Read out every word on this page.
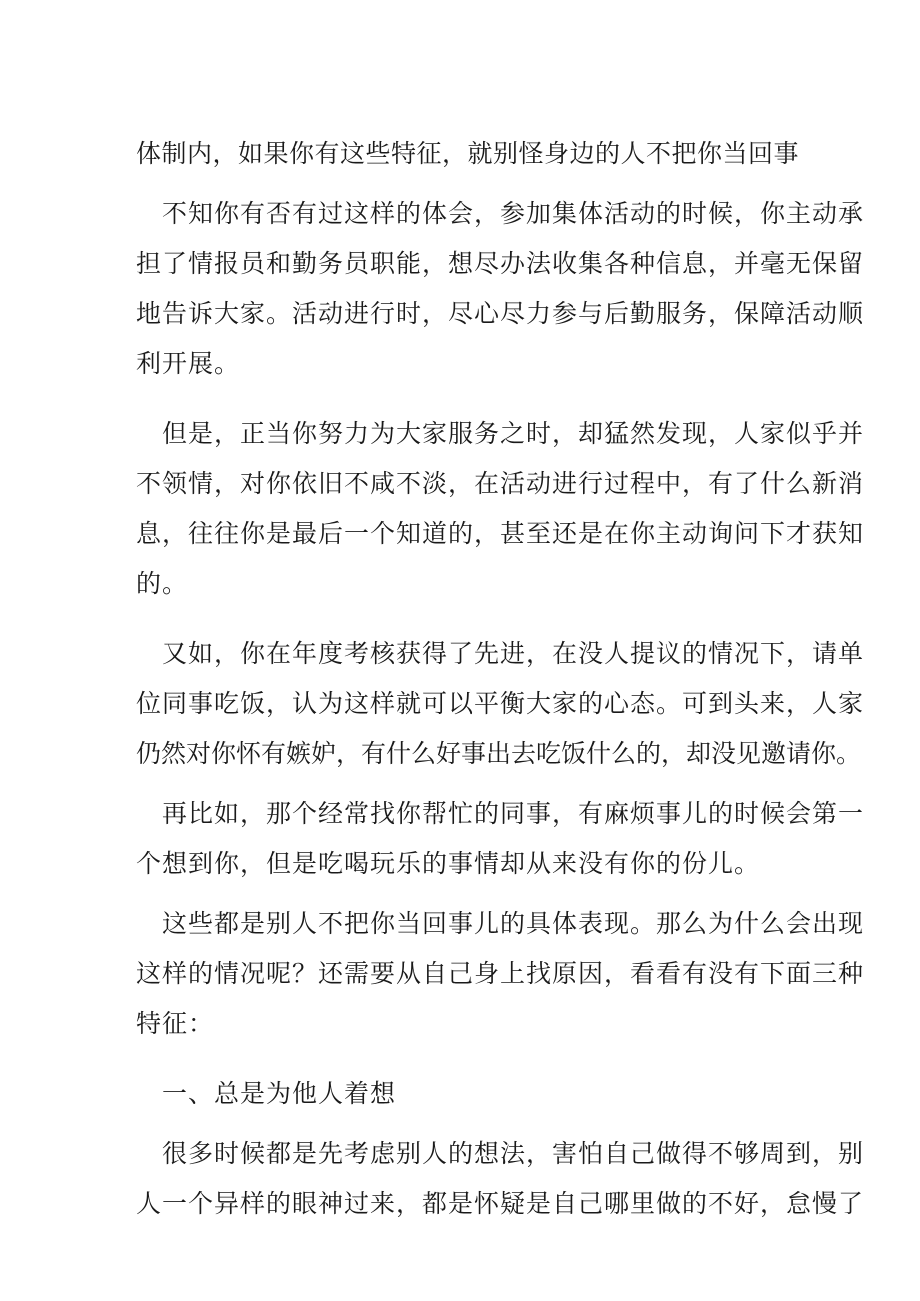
体制内，如果你有这些特征，就别怪身边的人不把你当回事
　不知你有否有过这样的体会，参加集体活动的时候，你主动承
担了情报员和勤务员职能，想尽办法收集各种信息，并毫无保留
地告诉大家。活动进行时，尽心尽力参与后勤服务，保障活动顺
利开展。
　但是，正当你努力为大家服务之时，却猛然发现，人家似乎并
不领情，对你依旧不咸不淡，在活动进行过程中，有了什么新消
息，往往你是最后一个知道的，甚至还是在你主动询问下才获知
的。
　又如，你在年度考核获得了先进，在没人提议的情况下，请单
位同事吃饭，认为这样就可以平衡大家的心态。可到头来，人家
仍然对你怀有嫉妒，有什么好事出去吃饭什么的，却没见邀请你。
　再比如，那个经常找你帮忙的同事，有麻烦事儿的时候会第一
个想到你，但是吃喝玩乐的事情却从来没有你的份儿。
　这些都是别人不把你当回事儿的具体表现。那么为什么会出现
这样的情况呢？还需要从自己身上找原因，看看有没有下面三种
特征：
　一、总是为他人着想
　很多时候都是先考虑别人的想法，害怕自己做得不够周到，别
人一个异样的眼神过来，都是怀疑是自己哪里做的不好，怠慢了
